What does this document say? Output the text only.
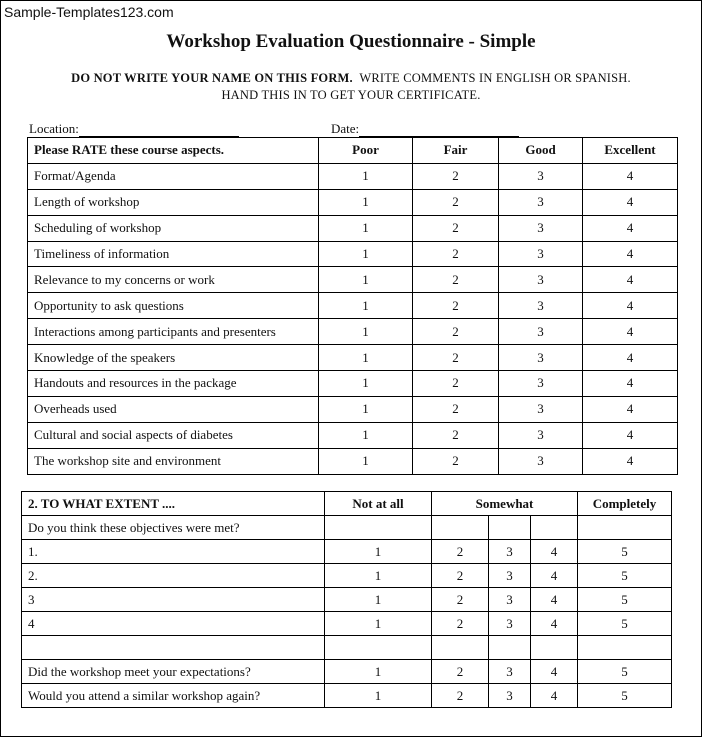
Sample-Templates123.com
Workshop Evaluation Questionnaire - Simple
DO NOT WRITE YOUR NAME ON THIS FORM. WRITE COMMENTS IN ENGLISH OR SPANISH.
HAND THIS IN TO GET YOUR CERTIFICATE.
Location:	Date:
Please RATE these course aspects.	Poor	Fair	Good	Excellent
Format/Agenda	1	2	3	4
Length of workshop	1	2	3	4
Scheduling of workshop	1	2	3	4
Timeliness of information	1	2	3	4
Relevance to my concerns or work	1	2	3	4
Opportunity to ask questions	1	2	3	4
Interactions among participants and presenters	1	2	3	4
Knowledge of the speakers	1	2	3	4
Handouts and resources in the package	1	2	3	4
Overheads used	1	2	3	4
Cultural and social aspects of diabetes	1	2	3	4
The workshop site and environment	1	2	3	4
2. TO WHAT EXTENT ....	Not at all	Somewhat			Completely
Do you think these objectives were met?					
1.	1	2	3	4	5
2.	1	2	3	4	5
3	1	2	3	4	5
4	1	2	3	4	5

Did the workshop meet your expectations?	1	2	3	4	5
Would you attend a similar workshop again?	1	2	3	4	5
